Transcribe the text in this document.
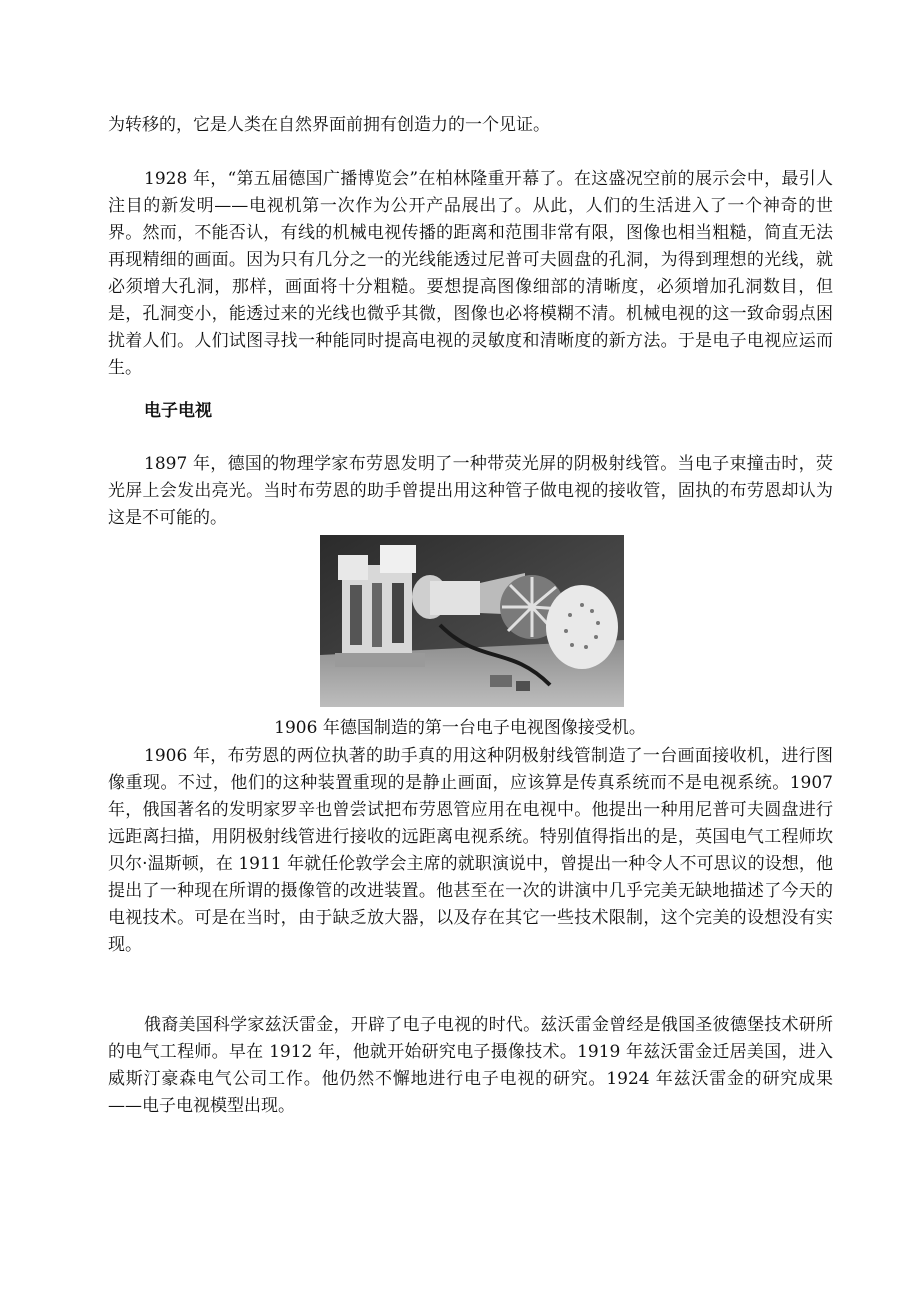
为转移的，它是人类在自然界面前拥有创造力的一个见证。

1928 年，“第五届德国广播博览会”在柏林隆重开幕了。在这盛况空前的展示会中，最引人注目的新发明——电视机第一次作为公开产品展出了。从此，人们的生活进入了一个神奇的世界。然而，不能否认，有线的机械电视传播的距离和范围非常有限，图像也相当粗糙，简直无法再现精细的画面。因为只有几分之一的光线能透过尼普可夫圆盘的孔洞，为得到理想的光线，就必须增大孔洞，那样，画面将十分粗糙。要想提高图像细部的清晰度，必须增加孔洞数目，但是，孔洞变小，能透过来的光线也微乎其微，图像也必将模糊不清。机械电视的这一致命弱点困扰着人们。人们试图寻找一种能同时提高电视的灵敏度和清晰度的新方法。于是电子电视应运而生。

电子电视

1897 年，德国的物理学家布劳恩发明了一种带荧光屏的阴极射线管。当电子束撞击时，荧光屏上会发出亮光。当时布劳恩的助手曾提出用这种管子做电视的接收管，固执的布劳恩却认为这是不可能的。

1906 年德国制造的第一台电子电视图像接受机。

1906 年，布劳恩的两位执著的助手真的用这种阴极射线管制造了一台画面接收机，进行图像重现。不过，他们的这种装置重现的是静止画面，应该算是传真系统而不是电视系统。1907 年，俄国著名的发明家罗辛也曾尝试把布劳恩管应用在电视中。他提出一种用尼普可夫圆盘进行远距离扫描，用阴极射线管进行接收的远距离电视系统。特别值得指出的是，英国电气工程师坎贝尔·温斯顿，在 1911 年就任伦敦学会主席的就职演说中，曾提出一种令人不可思议的设想，他提出了一种现在所谓的摄像管的改进装置。他甚至在一次的讲演中几乎完美无缺地描述了今天的电视技术。可是在当时，由于缺乏放大器，以及存在其它一些技术限制，这个完美的设想没有实现。

俄裔美国科学家兹沃雷金，开辟了电子电视的时代。兹沃雷金曾经是俄国圣彼德堡技术研所的电气工程师。早在 1912 年，他就开始研究电子摄像技术。1919 年兹沃雷金迁居美国，进入威斯汀豪森电气公司工作。他仍然不懈地进行电子电视的研究。1924 年兹沃雷金的研究成果——电子电视模型出现。
